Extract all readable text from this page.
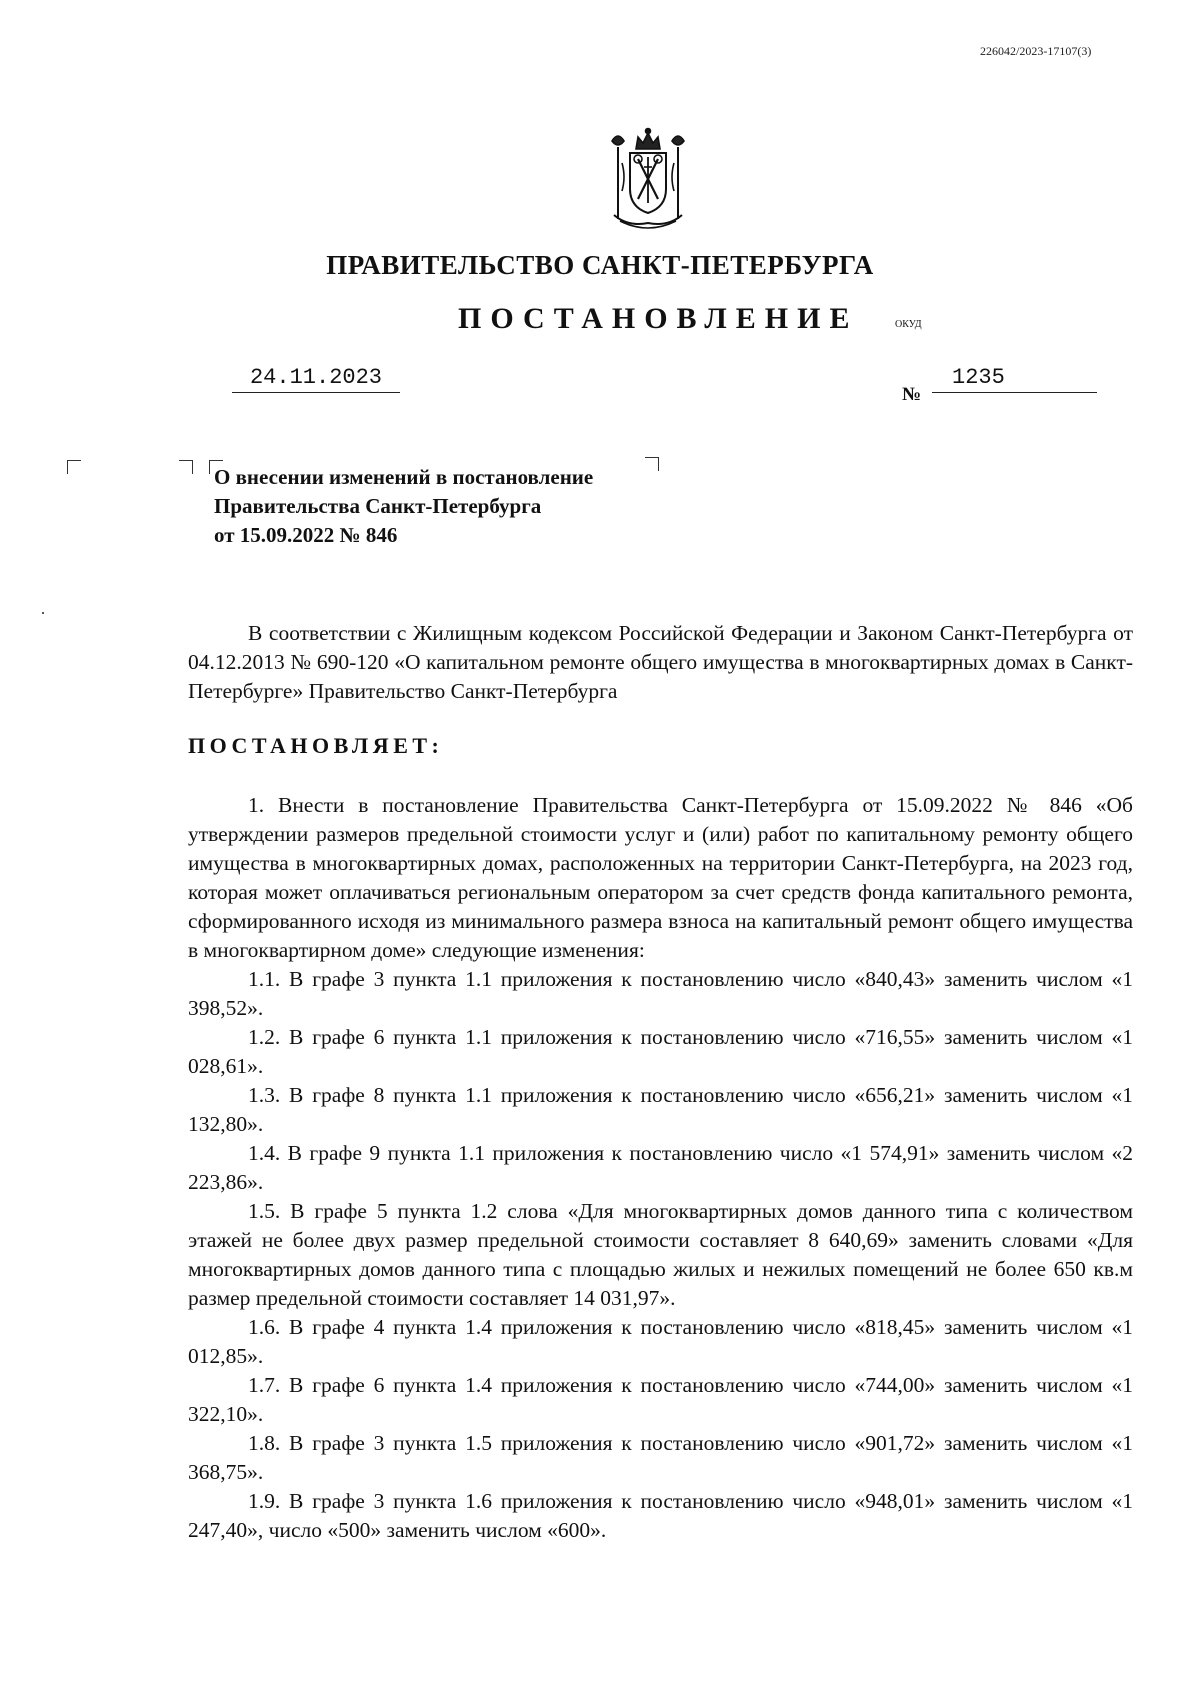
226042/2023-17107(3)
ПРАВИТЕЛЬСТВО САНКТ-ПЕТЕРБУРГА
ПОСТАНОВЛЕНИЕ	ОКУД
24.11.2023
№
1235
О внесении изменений в постановление
Правительства Санкт-Петербурга
от 15.09.2022 № 846

В соответствии с Жилищным кодексом Российской Федерации и Законом Санкт-Петербурга от 04.12.2013 № 690-120 «О капитальном ремонте общего имущества в многоквартирных домах в Санкт-Петербурге» Правительство Санкт-Петербурга

ПОСТАНОВЛЯЕТ:

1. Внести в постановление Правительства Санкт-Петербурга от 15.09.2022 № 846 «Об утверждении размеров предельной стоимости услуг и (или) работ по капитальному ремонту общего имущества в многоквартирных домах, расположенных на территории Санкт-Петербурга, на 2023 год, которая может оплачиваться региональным оператором за счет средств фонда капитального ремонта, сформированного исходя из минимального размера взноса на капитальный ремонт общего имущества в многоквартирном доме» следующие изменения:

1.1. В графе 3 пункта 1.1 приложения к постановлению число «840,43» заменить числом «1 398,52».

1.2. В графе 6 пункта 1.1 приложения к постановлению число «716,55» заменить числом «1 028,61».

1.3. В графе 8 пункта 1.1 приложения к постановлению число «656,21» заменить числом «1 132,80».

1.4. В графе 9 пункта 1.1 приложения к постановлению число «1 574,91» заменить числом «2 223,86».

1.5. В графе 5 пункта 1.2 слова «Для многоквартирных домов данного типа с количеством этажей не более двух размер предельной стоимости составляет 8 640,69» заменить словами «Для многоквартирных домов данного типа с площадью жилых и нежилых помещений не более 650 кв.м размер предельной стоимости составляет 14 031,97».

1.6. В графе 4 пункта 1.4 приложения к постановлению число «818,45» заменить числом «1 012,85».

1.7. В графе 6 пункта 1.4 приложения к постановлению число «744,00» заменить числом «1 322,10».

1.8. В графе 3 пункта 1.5 приложения к постановлению число «901,72» заменить числом «1 368,75».

1.9. В графе 3 пункта 1.6 приложения к постановлению число «948,01» заменить числом «1 247,40», число «500» заменить числом «600».
